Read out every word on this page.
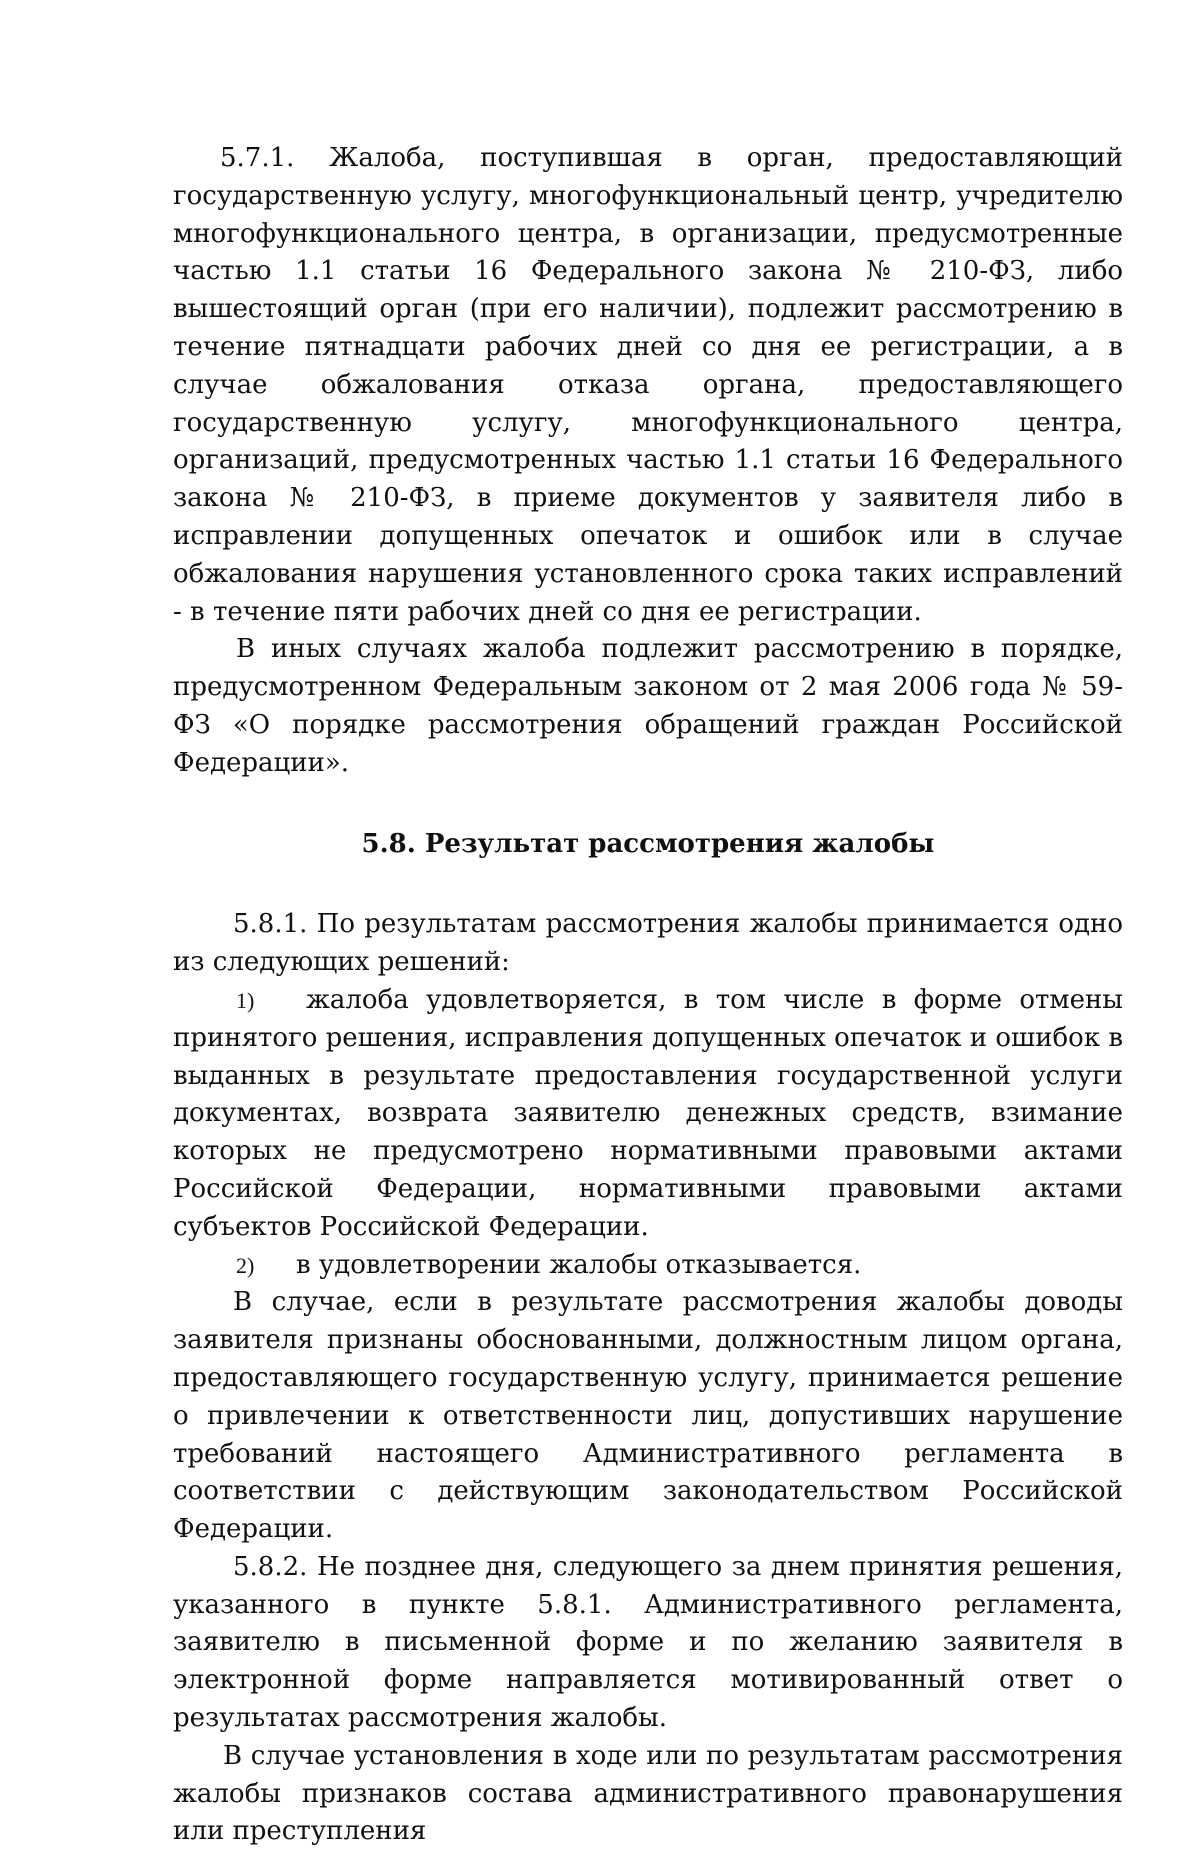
5.7.1. Жалоба, поступившая в орган, предоставляющий государственную услугу, многофункциональный центр, учредителю многофункционального центра, в организации, предусмотренные частью 1.1 статьи 16 Федерального закона № 210-ФЗ, либо вышестоящий орган (при его наличии), подлежит рассмотрению в течение пятнадцати рабочих дней со дня ее регистрации, а в случае обжалования отказа органа, предоставляющего государственную услугу, многофункционального центра, организаций, предусмотренных частью 1.1 статьи 16 Федерального закона № 210-ФЗ, в приеме документов у заявителя либо в исправлении допущенных опечаток и ошибок или в случае обжалования нарушения установленного срока таких исправлений - в течение пяти рабочих дней со дня ее регистрации.

В иных случаях жалоба подлежит рассмотрению в порядке, предусмотренном Федеральным законом от 2 мая 2006 года № 59-ФЗ «О порядке рассмотрения обращений граждан Российской Федерации».

5.8. Результат рассмотрения жалобы

5.8.1. По результатам рассмотрения жалобы принимается одно из следующих решений:

1) жалоба удовлетворяется, в том числе в форме отмены принятого решения, исправления допущенных опечаток и ошибок в выданных в результате предоставления государственной услуги документах, возврата заявителю денежных средств, взимание которых не предусмотрено нормативными правовыми актами Российской Федерации, нормативными правовыми актами субъектов Российской Федерации.

2) в удовлетворении жалобы отказывается.

В случае, если в результате рассмотрения жалобы доводы заявителя признаны обоснованными, должностным лицом органа, предоставляющего государственную услугу, принимается решение о привлечении к ответственности лиц, допустивших нарушение требований настоящего Административного регламента в соответствии с действующим законодательством Российской Федерации.

5.8.2. Не позднее дня, следующего за днем принятия решения, указанного в пункте 5.8.1. Административного регламента, заявителю в письменной форме и по желанию заявителя в электронной форме направляется мотивированный ответ о результатах рассмотрения жалобы.

В случае установления в ходе или по результатам рассмотрения жалобы признаков состава административного правонарушения или преступления
